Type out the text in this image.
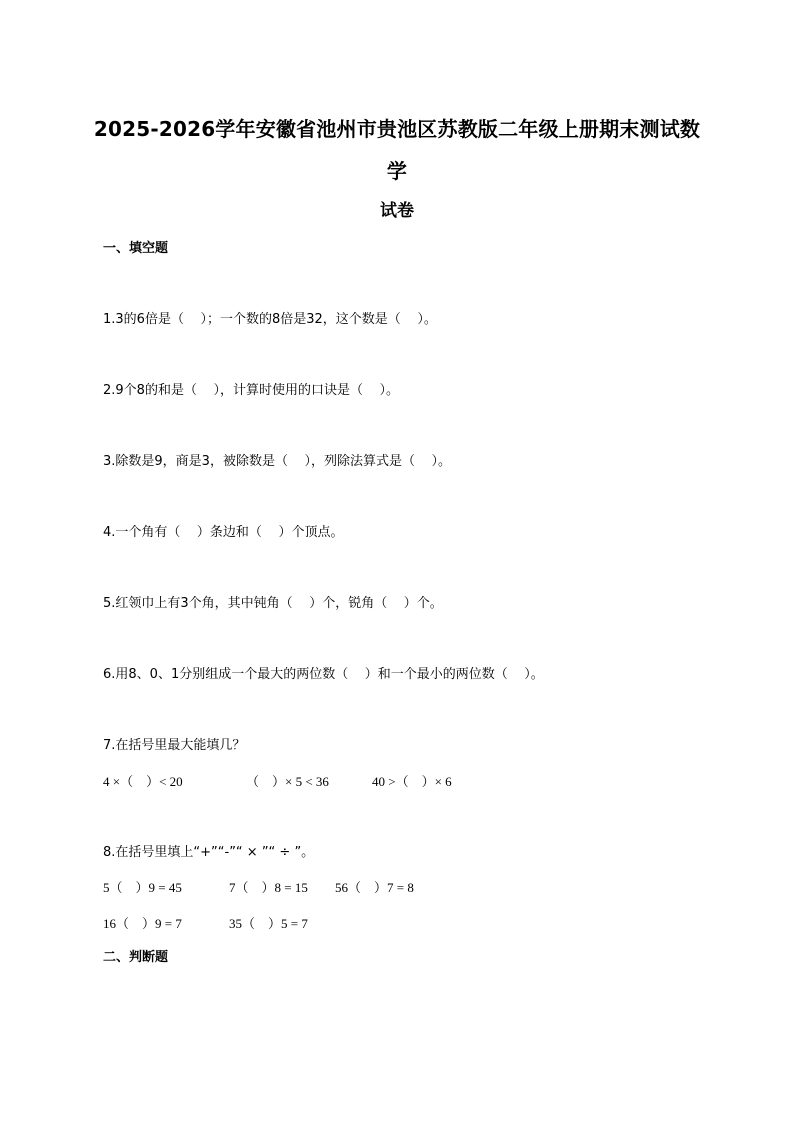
2025-2026学年安徽省池州市贵池区苏教版二年级上册期末测试数
学
试卷
一、填空题
1.3的6倍是（    ）；一个数的8倍是32，这个数是（    ）。
2.9个8的和是（    ），计算时使用的口诀是（    ）。
3.除数是9，商是3，被除数是（    ），列除法算式是（    ）。
4.一个角有（    ）条边和（    ）个顶点。
5.红领巾上有3个角，其中钝角（    ）个，锐角（    ）个。
6.用8、0、1分别组成一个最大的两位数（    ）和一个最小的两位数（    ）。
7.在括号里最大能填几？
4 ×（    ）< 20	（    ）× 5 < 36	40 >（    ）× 6
8.在括号里填上“+”“-”“ × ”“ ÷ ”。
5（    ）9 = 45	7（    ）8 = 15 56（    ）7 = 8
16（    ）9 = 7	35（    ）5 = 7
二、判断题
